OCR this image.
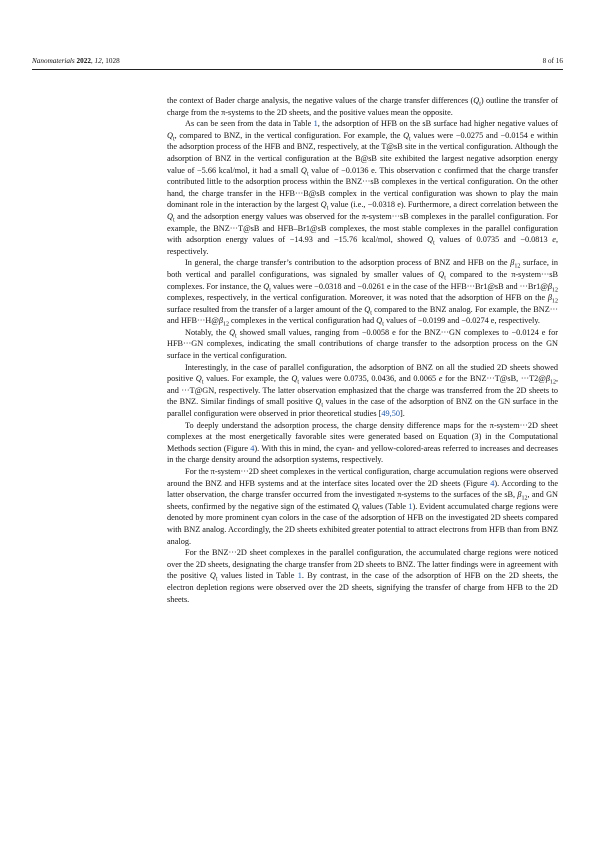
Nanomaterials 2022, 12, 1028	8 of 16

the context of Bader charge analysis, the negative values of the charge transfer differences $(Q_t)$ outline the transfer of charge from the π-systems to the 2D sheets, and the positive values mean the opposite.

As can be seen from the data in Table 1, the adsorption of HFB on the sB surface had higher negative values of $Q_t$, compared to BNZ, in the vertical configuration. For example, the $Q_t$ values were −0.0275 and −0.0154 e within the adsorption process of the HFB and BNZ, respectively, at the T@sB site in the vertical configuration. Although the adsorption of BNZ in the vertical configuration at the B@sB site exhibited the largest negative adsorption energy value of −5.66 kcal/mol, it had a small $Q_t$ value of −0.0136 e. This observation c confirmed that the charge transfer contributed little to the adsorption process within the BNZ···sB complexes in the vertical configuration. On the other hand, the charge transfer in the HFB···B@sB complex in the vertical configuration was shown to play the main dominant role in the interaction by the largest $Q_t$ value (i.e., −0.0318 e). Furthermore, a direct correlation between the $Q_t$ and the adsorption energy values was observed for the π-system···sB complexes in the parallel configuration. For example, the BNZ···T@sB and HFB–Br1@sB complexes, the most stable complexes in the parallel configuration with adsorption energy values of −14.93 and −15.76 kcal/mol, showed $Q_t$ values of 0.0735 and −0.0813 e, respectively.

In general, the charge transfer’s contribution to the adsorption process of BNZ and HFB on the $\beta_{12}$ surface, in both vertical and parallel configurations, was signaled by smaller values of $Q_t$ compared to the π-system···sB complexes. For instance, the $Q_t$ values were −0.0318 and −0.0261 e in the case of the HFB···Br1@sB and $\cdot\cdot\cdot Br1@\beta_{12}$ complexes, respectively, in the vertical configuration. Moreover, it was noted that the adsorption of HFB on the $\beta_{12}$ surface resulted from the transfer of a larger amount of the $Q_t$ compared to the BNZ analog. For example, the BNZ··· and $HFB\cdot\cdot\cdot H@\beta_{12}$ complexes in the vertical configuration had $Q_t$ values of −0.0199 and −0.0274 e, respectively.

Notably, the $Q_t$ showed small values, ranging from −0.0058 e for the BNZ···GN complexes to −0.0124 e for HFB···GN complexes, indicating the small contributions of charge transfer to the adsorption process on the GN surface in the vertical configuration.

Interestingly, in the case of parallel configuration, the adsorption of BNZ on all the studied 2D sheets showed positive $Q_t$ values. For example, the $Q_t$ values were 0.0735, 0.0436, and 0.0065 e for the BNZ···T@sB, $\cdot\cdot\cdot T2@\beta_{12}$, and ···T@GN, respectively. The latter observation emphasized that the charge was transferred from the 2D sheets to the BNZ. Similar findings of small positive $Q_t$ values in the case of the adsorption of BNZ on the GN surface in the parallel configuration were observed in prior theoretical studies [49,50].

To deeply understand the adsorption process, the charge density difference maps for the π-system···2D sheet complexes at the most energetically favorable sites were generated based on Equation (3) in the Computational Methods section (Figure 4). With this in mind, the cyan- and yellow-colored-areas referred to increases and decreases in the charge density around the adsorption systems, respectively.

For the π-system···2D sheet complexes in the vertical configuration, charge accumulation regions were observed around the BNZ and HFB systems and at the interface sites located over the 2D sheets (Figure 4). According to the latter observation, the charge transfer occurred from the investigated π-systems to the surfaces of the sB, $\beta_{12}$, and GN sheets, confirmed by the negative sign of the estimated $Q_t$ values (Table 1). Evident accumulated charge regions were denoted by more prominent cyan colors in the case of the adsorption of HFB on the investigated 2D sheets compared with BNZ analog. Accordingly, the 2D sheets exhibited greater potential to attract electrons from HFB than from BNZ analog.

For the BNZ···2D sheet complexes in the parallel configuration, the accumulated charge regions were noticed over the 2D sheets, designating the charge transfer from 2D sheets to BNZ. The latter findings were in agreement with the positive $Q_t$ values listed in Table 1. By contrast, in the case of the adsorption of HFB on the 2D sheets, the electron depletion regions were observed over the 2D sheets, signifying the transfer of charge from HFB to the 2D sheets.
